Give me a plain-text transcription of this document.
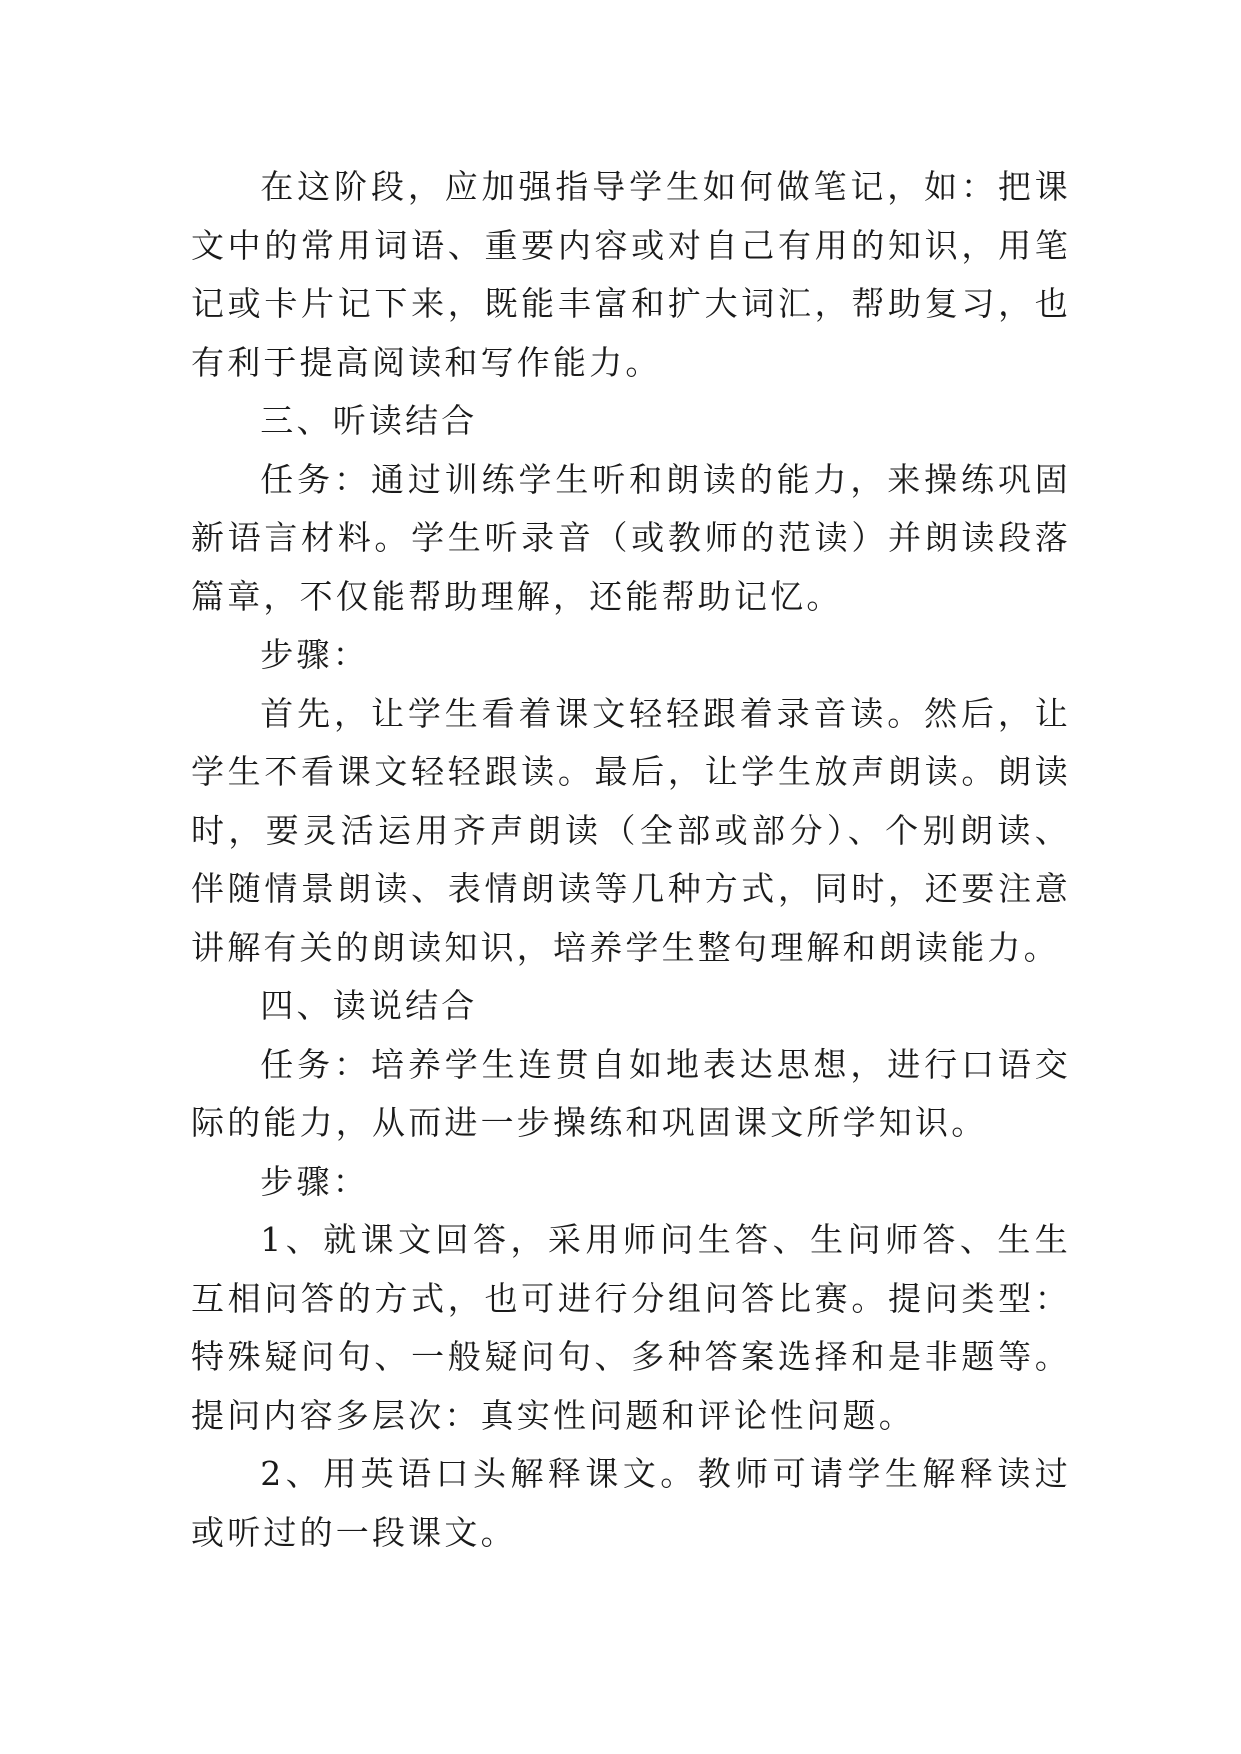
在这阶段，应加强指导学生如何做笔记，如：把课文中的常用词语、重要内容或对自己有用的知识，用笔记或卡片记下来，既能丰富和扩大词汇，帮助复习，也有利于提高阅读和写作能力。

三、听读结合

任务：通过训练学生听和朗读的能力，来操练巩固新语言材料。学生听录音（或教师的范读）并朗读段落篇章，不仅能帮助理解，还能帮助记忆。

步骤：

首先，让学生看着课文轻轻跟着录音读。然后，让学生不看课文轻轻跟读。最后，让学生放声朗读。朗读时，要灵活运用齐声朗读（全部或部分）、个别朗读、伴随情景朗读、表情朗读等几种方式，同时，还要注意讲解有关的朗读知识，培养学生整句理解和朗读能力。

四、读说结合

任务：培养学生连贯自如地表达思想，进行口语交际的能力，从而进一步操练和巩固课文所学知识。

步骤：

1、就课文回答，采用师问生答、生问师答、生生互相问答的方式，也可进行分组问答比赛。提问类型：特殊疑问句、一般疑问句、多种答案选择和是非题等。提问内容多层次：真实性问题和评论性问题。

2、用英语口头解释课文。教师可请学生解释读过或听过的一段课文。
